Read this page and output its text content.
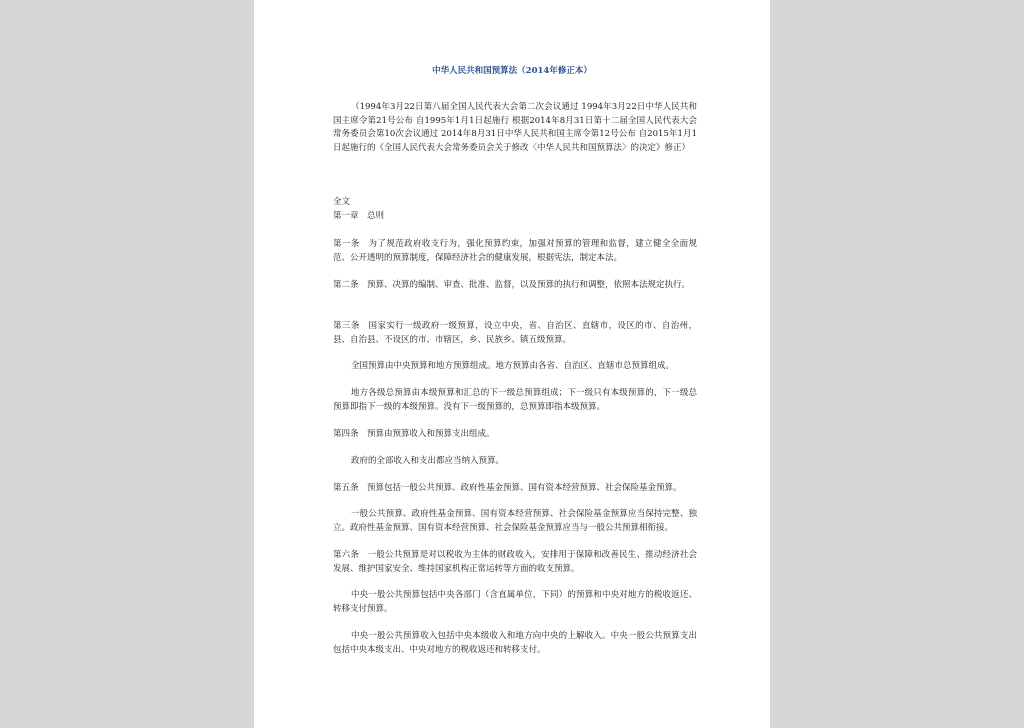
中华人民共和国预算法（2014年修正本）
（1994年3月22日第八届全国人民代表大会第二次会议通过 1994年3月22日中华人民共和国主席令第21号公布 自1995年1月1日起施行 根据2014年8月31日第十二届全国人民代表大会常务委员会第10次会议通过 2014年8月31日中华人民共和国主席令第12号公布 自2015年1月1日起施行的《全国人民代表大会常务委员会关于修改〈中华人民共和国预算法〉的决定》修正）
全文
第一章　总则
第一条　为了规范政府收支行为，强化预算约束，加强对预算的管理和监督，建立健全全面规范、公开透明的预算制度，保障经济社会的健康发展，根据宪法，制定本法。
第二条　预算、决算的编制、审查、批准、监督，以及预算的执行和调整，依照本法规定执行。
第三条　国家实行一级政府一级预算，设立中央，省、自治区、直辖市，设区的市、自治州，县、自治县、不设区的市、市辖区，乡、民族乡、镇五级预算。
全国预算由中央预算和地方预算组成。地方预算由各省、自治区、直辖市总预算组成。
地方各级总预算由本级预算和汇总的下一级总预算组成；下一级只有本级预算的，下一级总预算即指下一级的本级预算。没有下一级预算的，总预算即指本级预算。
第四条　预算由预算收入和预算支出组成。
政府的全部收入和支出都应当纳入预算。
第五条　预算包括一般公共预算、政府性基金预算、国有资本经营预算、社会保险基金预算。
一般公共预算、政府性基金预算、国有资本经营预算、社会保险基金预算应当保持完整、独立。政府性基金预算、国有资本经营预算、社会保险基金预算应当与一般公共预算相衔接。
第六条　一般公共预算是对以税收为主体的财政收入，安排用于保障和改善民生、推动经济社会发展、维护国家安全、维持国家机构正常运转等方面的收支预算。
中央一般公共预算包括中央各部门（含直属单位，下同）的预算和中央对地方的税收返还、转移支付预算。
中央一般公共预算收入包括中央本级收入和地方向中央的上解收入。中央一般公共预算支出包括中央本级支出、中央对地方的税收返还和转移支付。
